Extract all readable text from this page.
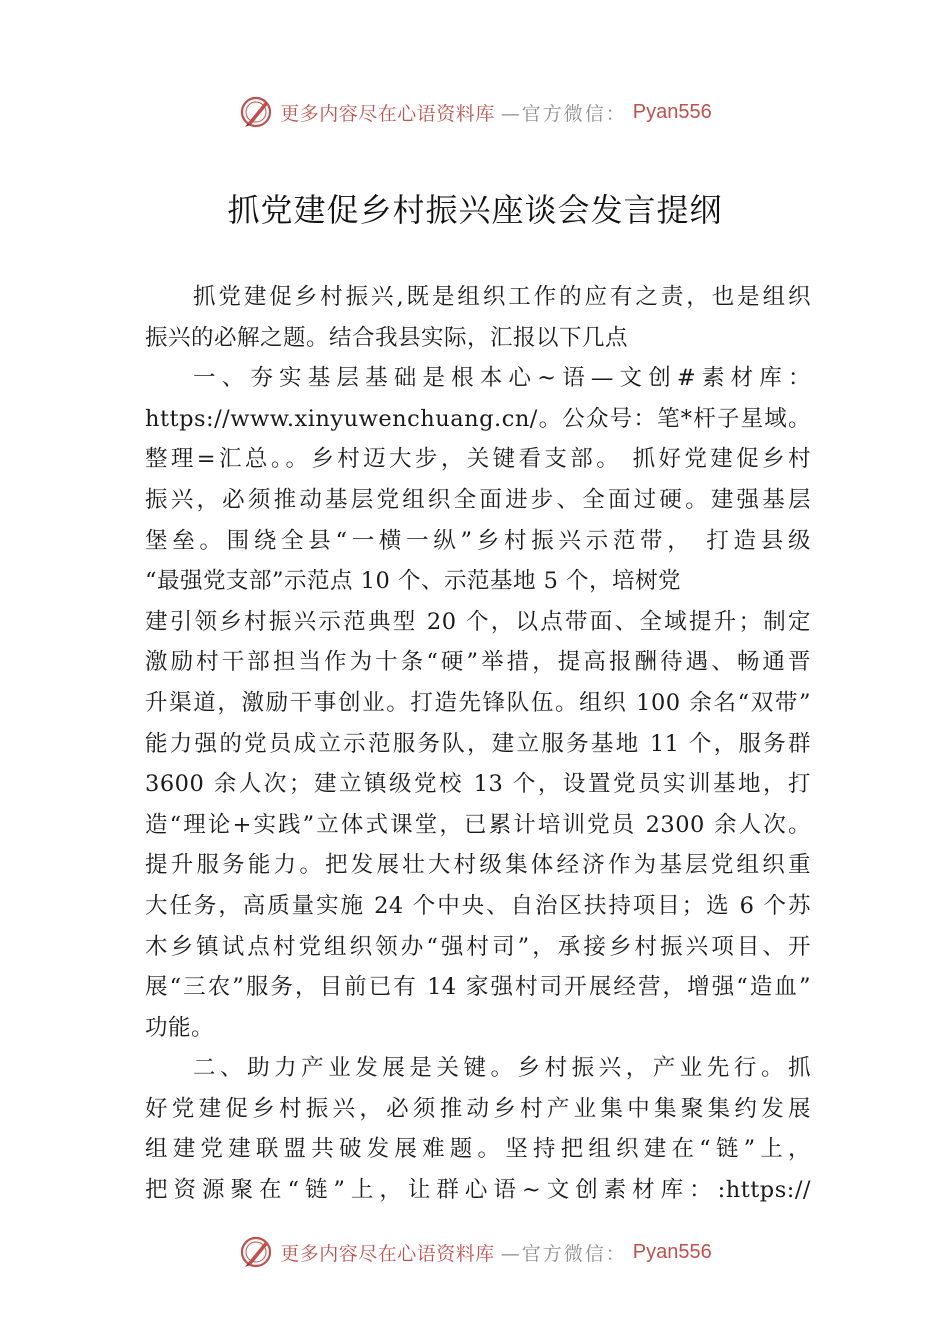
更多内容尽在心语资料库 —官方微信： Pyan556
抓党建促乡村振兴座谈会发言提纲
抓党建促乡村振兴,既是组织工作的应有之责，也是组织
振兴的必解之题。结合我县实际，汇报以下几点
一、夯实基层基础是根本心~语—文创#素材库：
https://www.xinyuwenchuang.cn/。公众号：笔*杆子星域。
整理=汇总。。乡村迈大步，关键看支部。 抓好党建促乡村
振兴，必须推动基层党组织全面进步、全面过硬。建强基层
堡垒。围绕全县“一横一纵”乡村振兴示范带， 打造县级
“最强党支部”示范点 10 个、示范基地 5 个，培树党
建引领乡村振兴示范典型 20 个，以点带面、全域提升；制定
激励村干部担当作为十条“硬”举措，提高报酬待遇、畅通晋
升渠道，激励干事创业。打造先锋队伍。组织 100 余名“双带”
能力强的党员成立示范服务队，建立服务基地 11 个，服务群
3600 余人次；建立镇级党校 13 个，设置党员实训基地，打
造“理论+实践”立体式课堂，已累计培训党员 2300 余人次。
提升服务能力。把发展壮大村级集体经济作为基层党组织重
大任务，高质量实施 24 个中央、自治区扶持项目；选 6 个苏
木乡镇试点村党组织领办“强村司”，承接乡村振兴项目、开
展“三农”服务，目前已有 14 家强村司开展经营，增强“造血”
功能。
二、助力产业发展是关键。乡村振兴，产业先行。抓
好党建促乡村振兴，必须推动乡村产业集中集聚集约发展
组建党建联盟共破发展难题。坚持把组织建在“链”上，
把资源聚在“链”上，让群心语~文创素材库：:https://
更多内容尽在心语资料库 —官方微信： Pyan556
